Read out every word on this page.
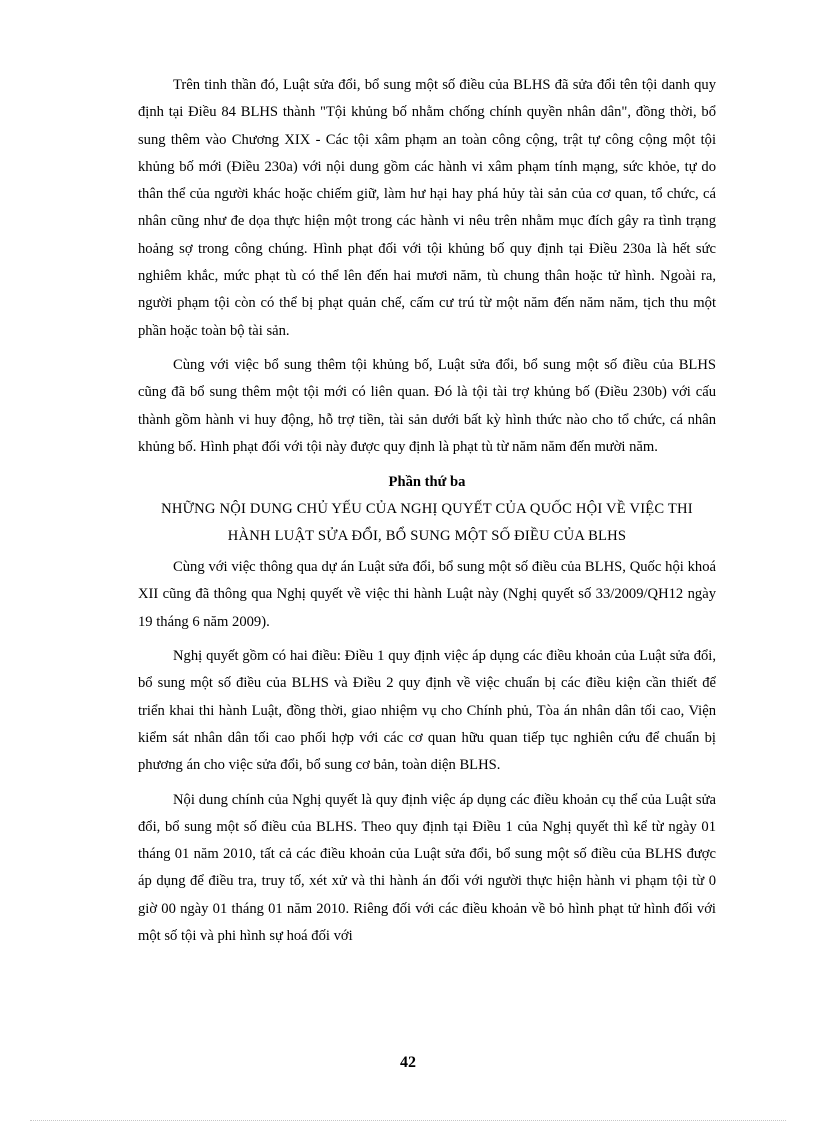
Trên tinh thần đó, Luật sửa đổi, bổ sung một số điều của BLHS đã sửa đổi tên tội danh quy định tại Điều 84 BLHS thành "Tội khủng bố nhằm chống chính quyền nhân dân", đồng thời, bổ sung thêm vào Chương XIX - Các tội xâm phạm an toàn công cộng, trật tự công cộng một tội khủng bố mới (Điều 230a) với nội dung gồm các hành vi xâm phạm tính mạng, sức khỏe, tự do thân thể của người khác hoặc chiếm giữ, làm hư hại hay phá hủy tài sản của cơ quan, tổ chức, cá nhân cũng như đe dọa thực hiện một trong các hành vi nêu trên nhằm mục đích gây ra tình trạng hoảng sợ trong công chúng. Hình phạt đối với tội khủng bố quy định tại Điều 230a là hết sức nghiêm khắc, mức phạt tù có thể lên đến hai mươi năm, tù chung thân hoặc tử hình. Ngoài ra, người phạm tội còn có thể bị phạt quản chế, cấm cư trú từ một năm đến năm năm, tịch thu một phần hoặc toàn bộ tài sản.

Cùng với việc bổ sung thêm tội khủng bố, Luật sửa đổi, bổ sung một số điều của BLHS cũng đã bổ sung thêm một tội mới có liên quan. Đó là tội tài trợ khủng bố (Điều 230b) với cấu thành gồm hành vi huy động, hỗ trợ tiền, tài sản dưới bất kỳ hình thức nào cho tổ chức, cá nhân khủng bố. Hình phạt đối với tội này được quy định là phạt tù từ năm năm đến mười năm.

Phần thứ ba

NHỮNG NỘI DUNG CHỦ YẾU CỦA NGHỊ QUYẾT CỦA QUỐC HỘI VỀ VIỆC THI
HÀNH LUẬT SỬA ĐỔI, BỔ SUNG MỘT SỐ ĐIỀU CỦA BLHS

Cùng với việc thông qua dự án Luật sửa đổi, bổ sung một số điều của BLHS, Quốc hội khoá XII cũng đã thông qua Nghị quyết về việc thi hành Luật này (Nghị quyết số 33/2009/QH12 ngày 19 tháng 6 năm 2009).

Nghị quyết gồm có hai điều: Điều 1 quy định việc áp dụng các điều khoản của Luật sửa đổi, bổ sung một số điều của BLHS và Điều 2 quy định về việc chuẩn bị các điều kiện cần thiết để triển khai thi hành Luật, đồng thời, giao nhiệm vụ cho Chính phủ, Tòa án nhân dân tối cao, Viện kiểm sát nhân dân tối cao phối hợp với các cơ quan hữu quan tiếp tục nghiên cứu để chuẩn bị phương án cho việc sửa đổi, bổ sung cơ bản, toàn diện BLHS.

Nội dung chính của Nghị quyết là quy định việc áp dụng các điều khoản cụ thể của Luật sửa đổi, bổ sung một số điều của BLHS. Theo quy định tại Điều 1 của Nghị quyết thì kể từ ngày 01 tháng 01 năm 2010, tất cả các điều khoản của Luật sửa đổi, bổ sung một số điều của BLHS được áp dụng để điều tra, truy tố, xét xử và thi hành án đối với người thực hiện hành vi phạm tội từ 0 giờ 00 ngày 01 tháng 01 năm 2010. Riêng đối với các điều khoản về bỏ hình phạt tử hình đối với một số tội và phi hình sự hoá đối với

42
